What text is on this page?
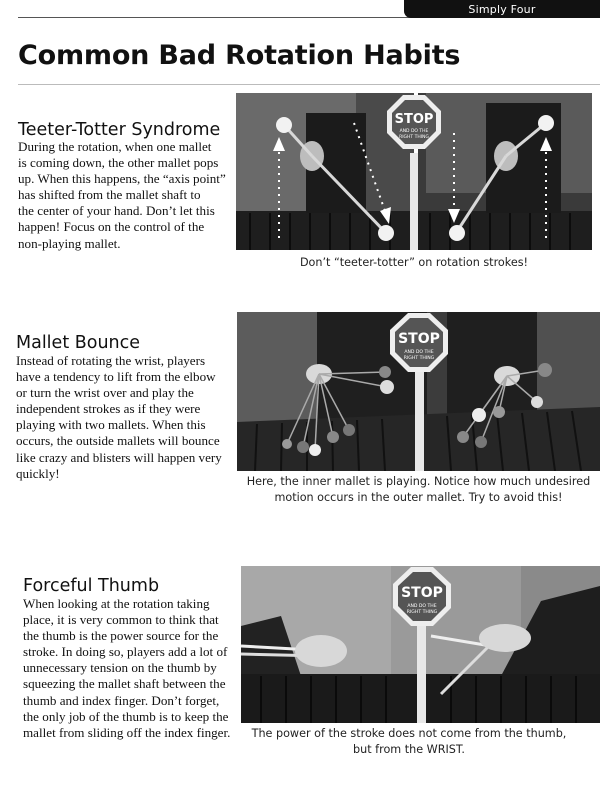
Simply Four
Common Bad Rotation Habits
Teeter-Totter Syndrome
During the rotation, when one mallet
is coming down, the other mallet pops
up. When this happens, the “axis point”
has shifted from the mallet shaft to
the center of your hand. Don’t let this
happen! Focus on the control of the
non-playing mallet.
STOP
AND DO THE
RIGHT THING
Don’t “teeter-totter” on rotation strokes!
Mallet Bounce
Instead of rotating the wrist, players
have a tendency to lift from the elbow
or turn the wrist over and play the
independent strokes as if they were
playing with two mallets. When this
occurs, the outside mallets will bounce
like crazy and blisters will happen very
quickly!
STOP
AND DO THE
RIGHT THING
Here, the inner mallet is playing. Notice how much undesired
motion occurs in the outer mallet. Try to avoid this!
Forceful Thumb
When looking at the rotation taking
place, it is very common to think that
the thumb is the power source for the
stroke. In doing so, players add a lot of
unnecessary tension on the thumb by
squeezing the mallet shaft between the
thumb and index finger. Don’t forget,
the only job of the thumb is to keep the
mallet from sliding off the index finger.
STOP
AND DO THE
RIGHT THING
The power of the stroke does not come from the thumb,
but from the WRIST.
